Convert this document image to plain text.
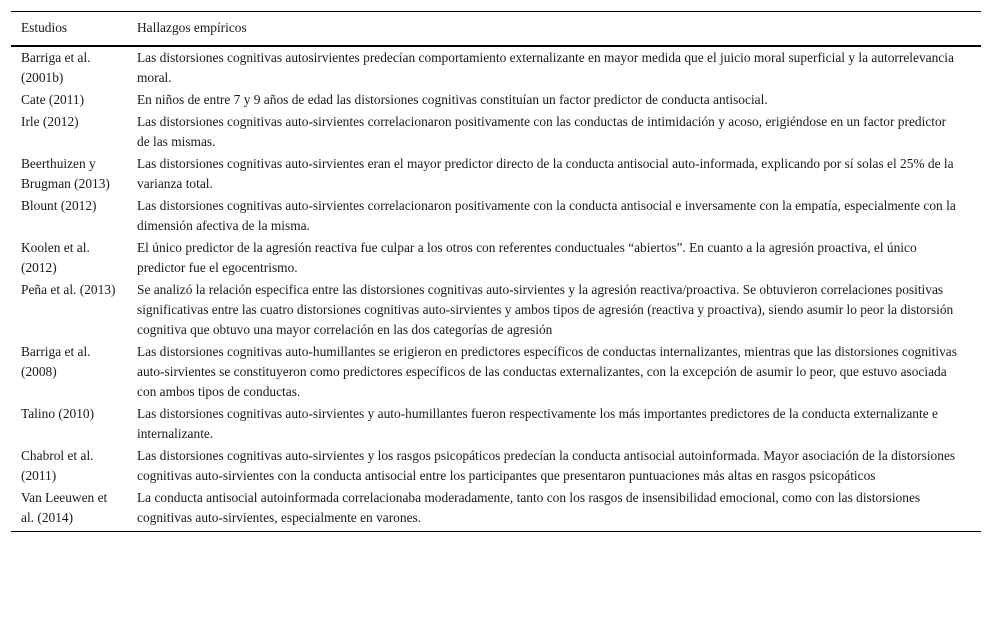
Estudios	Hallazgos empíricos
Barriga et al. (2001b)	Las distorsiones cognitivas autosirvientes predecían comportamiento externalizante en mayor medida que el juicio moral superficial y la autorrelevancia moral.
Cate (2011)	En niños de entre 7 y 9 años de edad las distorsiones cognitivas constituían un factor predictor de conducta antisocial.
Irle (2012)	Las distorsiones cognitivas auto-sirvientes correlacionaron positivamente con las conductas de intimidación y acoso, erigiéndose en un factor predictor de las mismas.
Beerthuizen y Brugman (2013)	Las distorsiones cognitivas auto-sirvientes eran el mayor predictor directo de la conducta antisocial auto-informada, explicando por sí solas el 25% de la varianza total.
Blount (2012)	Las distorsiones cognitivas auto-sirvientes correlacionaron positivamente con la conducta antisocial e inversamente con la empatía, especialmente con la dimensión afectiva de la misma.
Koolen et al. (2012)	El único predictor de la agresión reactiva fue culpar a los otros con referentes conductuales “abiertos”. En cuanto a la agresión proactiva, el único predictor fue el egocentrismo.
Peña et al. (2013)	Se analizó la relación especifica entre las distorsiones cognitivas auto-sirvientes y la agresión reactiva/proactiva. Se obtuvieron correlaciones positivas significativas entre las cuatro distorsiones cognitivas auto-sirvientes y ambos tipos de agresión (reactiva y proactiva), siendo asumir lo peor la distorsión cognitiva que obtuvo una mayor correlación en las dos categorías de agresión
Barriga et al. (2008)	Las distorsiones cognitivas auto-humillantes se erigieron en predictores específicos de conductas internalizantes, mientras que las distorsiones cognitivas auto-sirvientes se constituyeron como predictores específicos de las conductas externalizantes, con la excepción de asumir lo peor, que estuvo asociada con ambos tipos de conductas.
Talino (2010)	Las distorsiones cognitivas auto-sirvientes y auto-humillantes fueron respectivamente los más importantes predictores de la conducta externalizante e internalizante.
Chabrol et al. (2011)	Las distorsiones cognitivas auto-sirvientes y los rasgos psicopáticos predecían la conducta antisocial autoinformada. Mayor asociación de la distorsiones cognitivas auto-sirvientes con la conducta antisocial entre los participantes que presentaron puntuaciones más altas en rasgos psicopáticos
Van Leeuwen et al. (2014)	La conducta antisocial autoinformada correlacionaba moderadamente, tanto con los rasgos de insensibilidad emocional, como con las distorsiones cognitivas auto-sirvientes, especialmente en varones.
